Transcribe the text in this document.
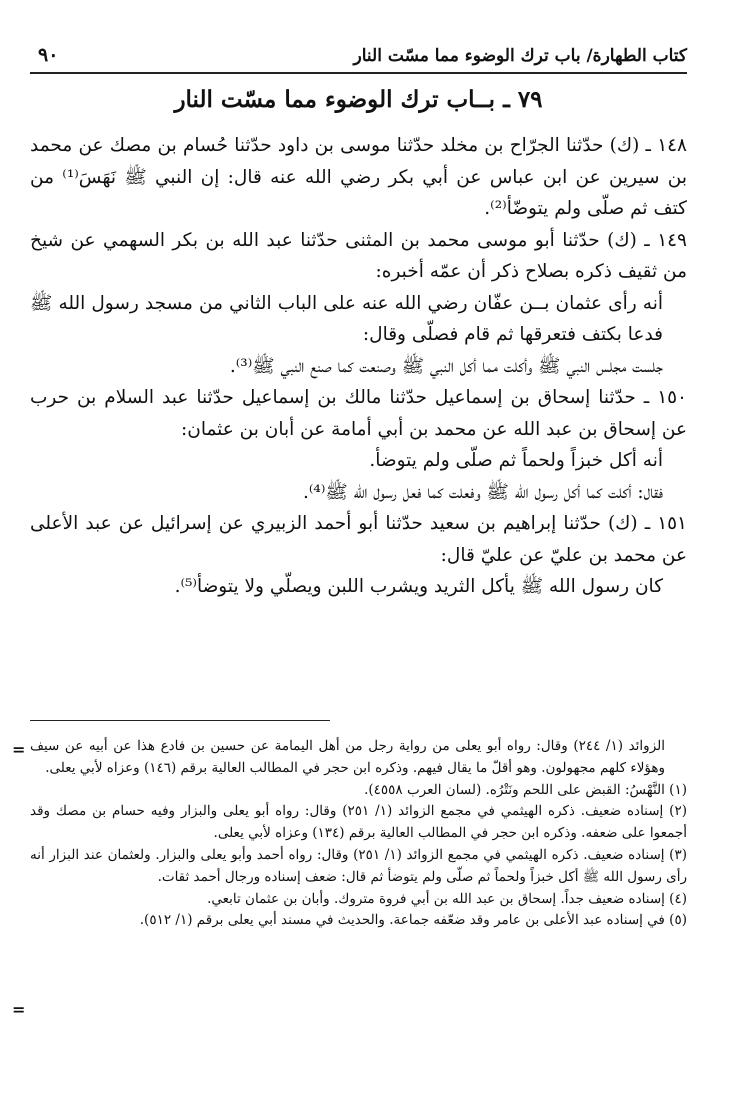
كتاب الطهارة/ باب ترك الوضوء مما مسّت النار
٩٠
٧٩ ـ بــاب ترك الوضوء مما مسّت النار

١٤٨ ـ (ك) حدّثنا الجرّاح بن مخلد حدّثنا موسى بن داود حدّثنا حُسام بن مصك عن محمد بن سيرين عن ابن عباس عن أبي بكر رضي الله عنه قال: إن النبي ﷺ نَهَسَ⁽¹⁾ من كتف ثم صلّى ولم يتوضّأ⁽²⁾.

١٤٩ ـ (ك) حدّثنا أبو موسى محمد بن المثنى حدّثنا عبد الله بن بكر السهمي عن شيخ من ثقيف ذكره بصلاح ذكر أن عمّه أخبره:

أنه رأى عثمان بــن عفّان رضي الله عنه على الباب الثاني من مسجد رسول الله ﷺ فدعا بكتف فتعرقها ثم قام فصلّى وقال:

جلست مجلس النبي ﷺ وأكلت مما أكل النبي ﷺ وصنعت كما صنع النبي ﷺ⁽³⁾.

١٥٠ ـ حدّثنا إسحاق بن إسماعيل حدّثنا مالك بن إسماعيل حدّثنا عبد السلام بن حرب عن إسحاق بن عبد الله عن محمد بن أبي أمامة عن أبان بن عثمان:

أنه أكل خبزاً ولحماً ثم صلّى ولم يتوضأ.

فقال: أكلت كما أكل رسول الله ﷺ وفعلت كما فعل رسول الله ﷺ⁽⁴⁾.

١٥١ ـ (ك) حدّثنا إبراهيم بن سعيد حدّثنا أبو أحمد الزبيري عن إسرائيل عن عبد الأعلى عن محمد بن عليّ عن عليّ قال:

كان رسول الله ﷺ يأكل الثريد ويشرب اللبن ويصلّي ولا يتوضأ⁽⁵⁾.

= الزوائد (١/ ٢٤٤) وقال: رواه أبو يعلى من رواية رجل من أهل اليمامة عن حسين بن فادع هذا عن أبيه عن سيف وهؤلاء كلهم مجهولون. وهو أقلّ ما يقال فيهم. وذكره ابن حجر في المطالب العالية برقم (١٤٦) وعزاه لأبي يعلى.

(١) النَّهْسُ: القبض على اللحم ونَتْرُه. (لسان العرب ٤٥٥٨).

(٢) إسناده ضعيف. ذكره الهيثمي في مجمع الزوائد (١/ ٢٥١) وقال: رواه أبو يعلى والبزار وفيه حسام بن مصك وقد أجمعوا على ضعفه. وذكره ابن حجر في المطالب العالية برقم (١٣٤) وعزاه لأبي يعلى.

(٣) إسناده ضعيف. ذكره الهيثمي في مجمع الزوائد (١/ ٢٥١) وقال: رواه أحمد وأبو يعلى والبزار. ولعثمان عند البزار أنه رأى رسول الله ﷺ أكل خبزاً ولحماً ثم صلّى ولم يتوضأ ثم قال: ضعف إسناده ورجال أحمد ثقات.

(٤) إسناده ضعيف جداً. إسحاق بن عبد الله بن أبي فروة متروك. وأبان بن عثمان تابعي.

(٥) في إسناده عبد الأعلى بن عامر وقد ضعّفه جماعة. والحديث في مسند أبي يعلى برقم (١/ ٥١٢).

=
